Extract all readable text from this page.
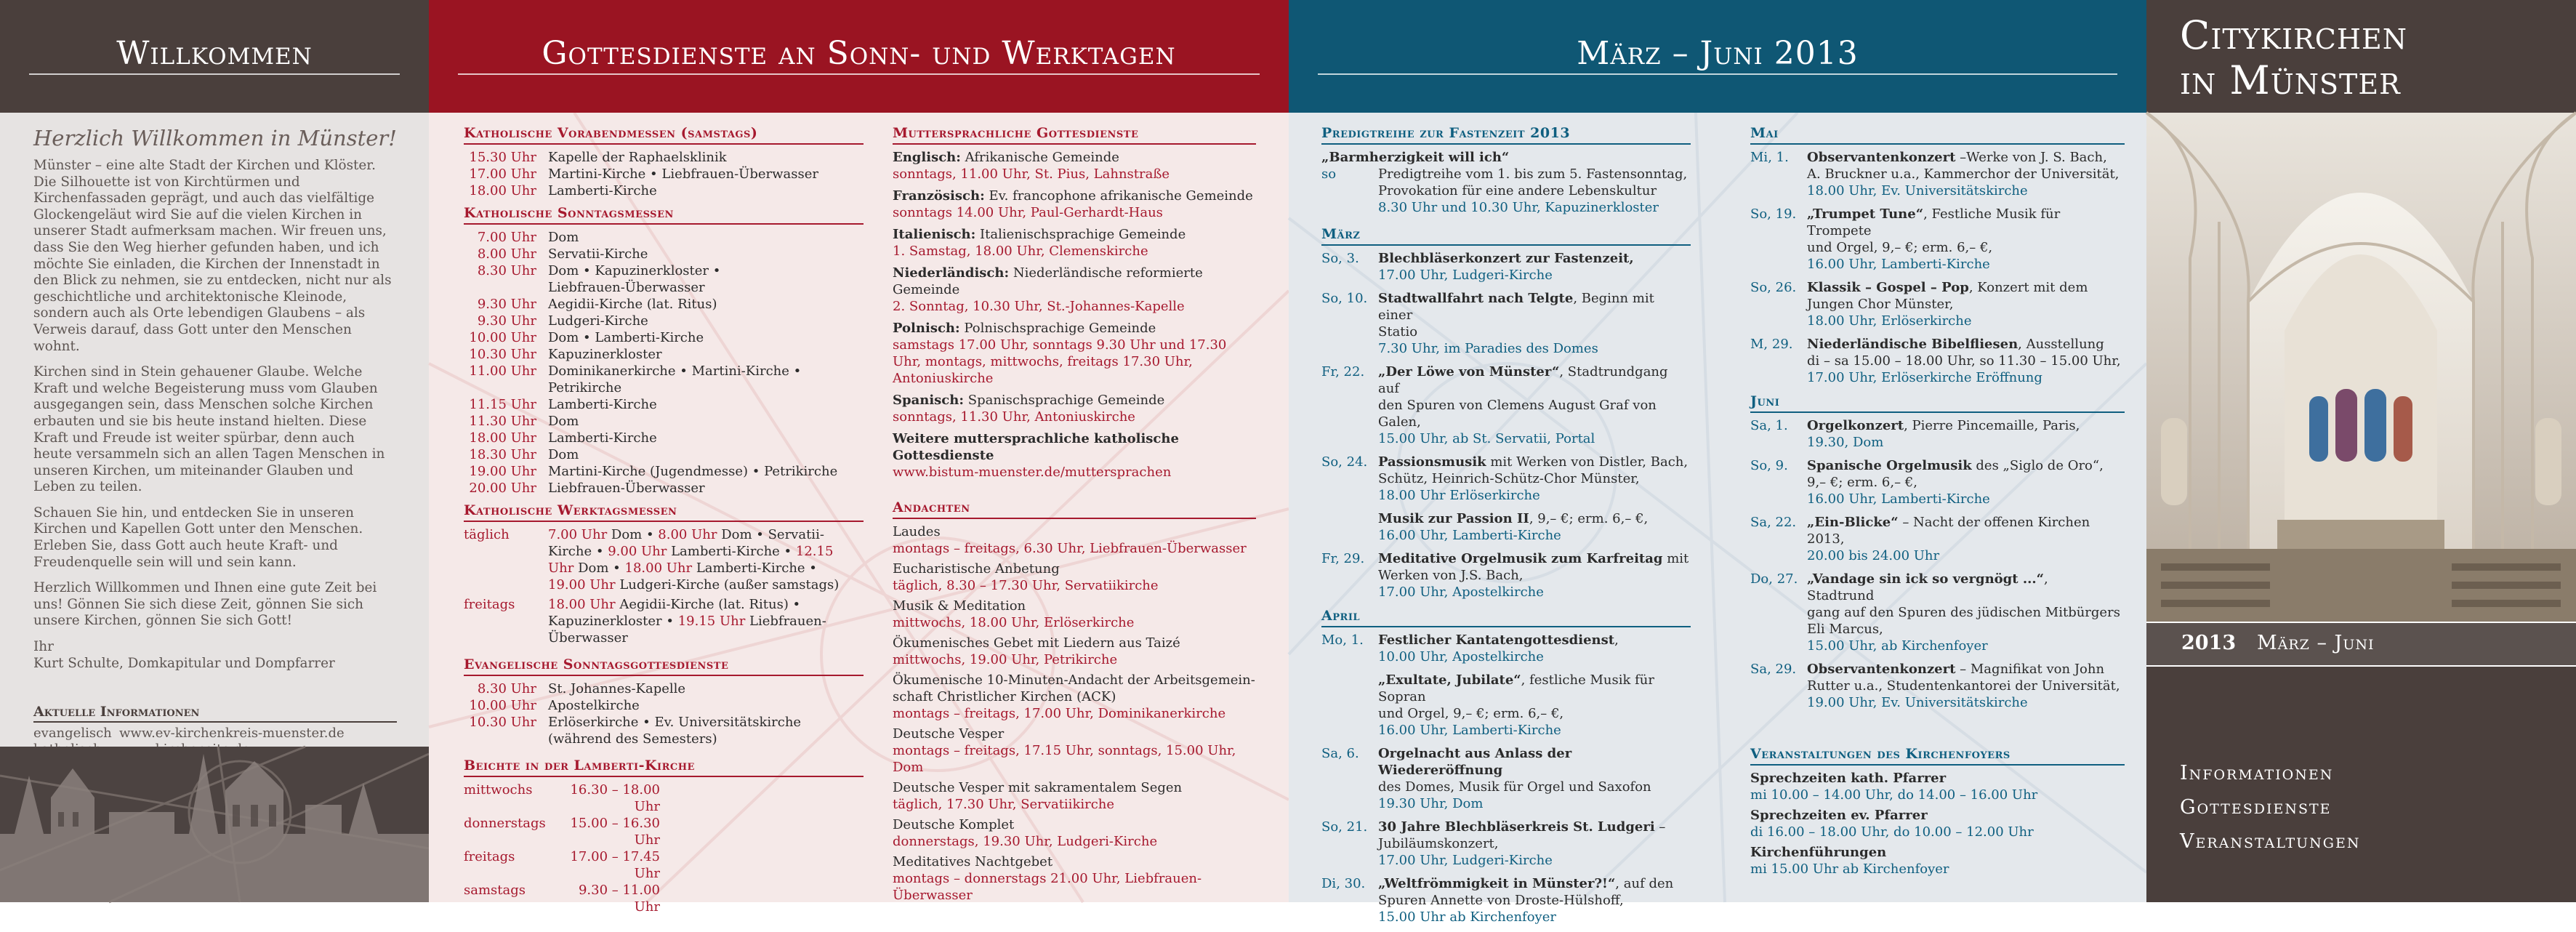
Willkommen
Herzlich Willkommen in Münster!

Münster – eine alte Stadt der Kirchen und Klöster. Die Silhouette ist von Kirchtürmen und Kirchenfassaden geprägt, und auch das vielfältige Glockengeläut wird Sie auf die vielen Kirchen in unserer Stadt aufmerksam machen. Wir freuen uns, dass Sie den Weg hierher gefunden haben, und ich möchte Sie einladen, die Kirchen der Innenstadt in den Blick zu nehmen, sie zu entdecken, nicht nur als geschichtliche und architektonische Kleinode, sondern auch als Orte lebendigen Glaubens – als Verweis darauf, dass Gott unter den Menschen wohnt.

Kirchen sind in Stein gehauener Glaube. Welche Kraft und welche Begeisterung muss vom Glauben ausgegangen sein, dass Menschen solche Kirchen erbauten und sie bis heute instand hielten. Diese Kraft und Freude ist weiter spürbar, denn auch heute versammeln sich an allen Tagen Menschen in unseren Kirchen, um miteinander Glauben und Leben zu teilen.

Schauen Sie hin, und entdecken Sie in unseren Kirchen und Kapellen Gott unter den Menschen. Erleben Sie, dass Gott auch heute Kraft- und Freudenquelle sein will und sein kann.

Herzlich Willkommen und Ihnen eine gute Zeit bei uns! Gönnen Sie sich diese Zeit, gönnen Sie sich unsere Kirchen, gönnen Sie sich Gott!

Ihr
Kurt Schulte, Domkapitular und Dompfarrer
Aktuelle Informationen
evangelisch www.ev-kirchenkreis-muenster.de
Gottesdienste an Sonn- und Werktagen
Katholische Vorabendmessen (samstags)
15.30 Uhr Kapelle der Raphaelsklinik
17.00 Uhr Martini-Kirche • Liebfrauen-Überwasser
18.00 Uhr Lamberti-Kirche
Katholische Sonntagsmessen
7.00 Uhr Dom
8.00 Uhr Servatii-Kirche
8.30 Uhr Dom • Kapuzinerkloster •
Liebfrauen-Überwasser
9.30 Uhr Aegidii-Kirche (lat. Ritus)
9.30 Uhr Ludgeri-Kirche
10.00 Uhr Dom • Lamberti-Kirche
10.30 Uhr Kapuzinerkloster
11.00 Uhr Dominikanerkirche • Martini-Kirche •
Petrikirche
11.15 Uhr Lamberti-Kirche
11.30 Uhr Dom
18.00 Uhr Lamberti-Kirche
18.30 Uhr Dom
19.00 Uhr Martini-Kirche (Jugendmesse) • Petrikirche
20.00 Uhr Liebfrauen-Überwasser
Katholische Werktagsmessen
täglich	7.00 Uhr Dom • 8.00 Uhr Dom • Servatii-
Kirche • 9.00 Uhr Lamberti-Kirche • 12.15
Uhr Dom • 18.00 Uhr Lamberti-Kirche •
19.00 Uhr Ludgeri-Kirche (außer samstags)
freitags	18.00 Uhr Aegidii-Kirche (lat. Ritus) •
Kapuzinerkloster • 19.15 Uhr Liebfrauen-
Überwasser
Evangelische Sonntagsgottesdienste
8.30 Uhr St. Johannes-Kapelle
10.00 Uhr Apostelkirche
10.30 Uhr Erlöserkirche • Ev. Universitätskirche
(während des Semesters)
Beichte in der Lamberti-Kirche
mittwochs	16.30 – 18.00 Uhr
donnerstags	15.00 – 16.30 Uhr
freitags	17.00 – 17.45 Uhr
samstags	9.30 – 11.00 Uhr
Muttersprachliche Gottesdienste
Englisch: Afrikanische Gemeinde
sonntags, 11.00 Uhr, St. Pius, Lahnstraße
Französisch: Ev. francophone afrikanische Gemeinde
sonntags 14.00 Uhr, Paul-Gerhardt-Haus
Italienisch: Italienischsprachige Gemeinde
1. Samstag, 18.00 Uhr, Clemenskirche
Niederländisch: Niederländische reformierte Gemeinde
2. Sonntag, 10.30 Uhr, St.-Johannes-Kapelle
Polnisch: Polnischsprachige Gemeinde
samstags 17.00 Uhr, sonntags 9.30 Uhr und 17.30 Uhr, montags, mittwochs, freitags 17.30 Uhr, Antoniuskirche
Spanisch: Spanischsprachige Gemeinde
sonntags, 11.30 Uhr, Antoniuskirche
Weitere muttersprachliche katholische Gottesdienste
www.bistum-muenster.de/muttersprachen
Andachten
Laudes
montags – freitags, 6.30 Uhr, Liebfrauen-Überwasser
Eucharistische Anbetung
täglich, 8.30 – 17.30 Uhr, Servatiikirche
Musik & Meditation
mittwochs, 18.00 Uhr, Erlöserkirche
Ökumenisches Gebet mit Liedern aus Taizé
mittwochs, 19.00 Uhr, Petrikirche
Ökumenische 10-Minuten-Andacht der Arbeitsgemeinschaft Christlicher Kirchen (ACK)
montags – freitags, 17.00 Uhr, Dominikanerkirche
Deutsche Vesper
montags – freitags, 17.15 Uhr, sonntags, 15.00 Uhr, Dom
Deutsche Vesper mit sakramentalem Segen
täglich, 17.30 Uhr, Servatiikirche
Deutsche Komplet
donnerstags, 19.30 Uhr, Ludgeri-Kirche
Meditatives Nachtgebet
montags – donnerstags 21.00 Uhr, Liebfrauen-Überwasser
März – Juni 2013
Predigtreihe zur Fastenzeit 2013
„Barmherzigkeit will ich“
so	Predigtreihe vom 1. bis zum 5. Fastensonntag,
Provokation für eine andere Lebenskultur
8.30 Uhr und 10.30 Uhr, Kapuzinerkloster
März
So, 3.	Blechbläserkonzert zur Fastenzeit,
17.00 Uhr, Ludgeri-Kirche
So, 10. Stadtwallfahrt nach Telgte, Beginn mit einer
Statio
7.30 Uhr, im Paradies des Domes
Fr, 22.	„Der Löwe von Münster“, Stadtrundgang auf
den Spuren von Clemens August Graf von Galen,
15.00 Uhr, ab St. Servatii, Portal
So, 24. Passionsmusik mit Werken von Distler, Bach,
Schütz, Heinrich-Schütz-Chor Münster,
18.00 Uhr Erlöserkirche
Musik zur Passion II, 9,– €; erm. 6,– €,
16.00 Uhr, Lamberti-Kirche
Fr, 29.	Meditative Orgelmusik zum Karfreitag mit
Werken von J.S. Bach,
17.00 Uhr, Apostelkirche
April
Mo, 1.	Festlicher Kantatengottesdienst,
10.00 Uhr, Apostelkirche
„Exultate, Jubilate“, festliche Musik für Sopran
und Orgel, 9,– €; erm. 6,– €,
16.00 Uhr, Lamberti-Kirche
Sa, 6.	Orgelnacht aus Anlass der Wiedereröffnung
des Domes, Musik für Orgel und Saxofon
19.30 Uhr, Dom
So, 21. 30 Jahre Blechbläserkreis St. Ludgeri –
Jubiläumskonzert,
17.00 Uhr, Ludgeri-Kirche
Di, 30. „Weltfrömmigkeit in Münster?!“, auf den
Spuren Annette von Droste-Hülshoff,
15.00 Uhr ab Kirchenfoyer
Mai
Mi, 1.	Observantenkonzert –Werke von J. S. Bach,
A. Bruckner u.a., Kammerchor der Universität,
18.00 Uhr, Ev. Universitätskirche
So, 19. „Trumpet Tune“, Festliche Musik für Trompete
und Orgel, 9,– €; erm. 6,– €,
16.00 Uhr, Lamberti-Kirche
So, 26. Klassik – Gospel – Pop, Konzert mit dem
Jungen Chor Münster,
18.00 Uhr, Erlöserkirche
M, 29.	Niederländische Bibelfliesen, Ausstellung
di – sa 15.00 – 18.00 Uhr, so 11.30 – 15.00 Uhr,
17.00 Uhr, Erlöserkirche Eröffnung
Juni
Sa, 1.	Orgelkonzert, Pierre Pincemaille, Paris,
19.30, Dom
So, 9.	Spanische Orgelmusik des „Siglo de Oro“,
9,– €; erm. 6,– €,
16.00 Uhr, Lamberti-Kirche
Sa, 22. „Ein-Blicke“ – Nacht der offenen Kirchen 2013,
20.00 bis 24.00 Uhr
Do, 27. „Vandage sin ick so vergnögt ...“, Stadtrund
gang auf den Spuren des jüdischen Mitbürgers
Eli Marcus,
15.00 Uhr, ab Kirchenfoyer
Sa, 29. Observantenkonzert – Magnifikat von John
Rutter u.a., Studentenkantorei der Universität,
19.00 Uhr, Ev. Universitätskirche
Veranstaltungen des Kirchenfoyers
Sprechzeiten kath. Pfarrer
mi 10.00 – 14.00 Uhr, do 14.00 – 16.00 Uhr
Sprechzeiten ev. Pfarrer
di 16.00 – 18.00 Uhr, do 10.00 – 12.00 Uhr
Kirchenführungen
mi 15.00 Uhr ab Kirchenfoyer
Citykirchen
in Münster
2013 März – Juni
Informationen
Gottesdienste
Veranstaltungen
